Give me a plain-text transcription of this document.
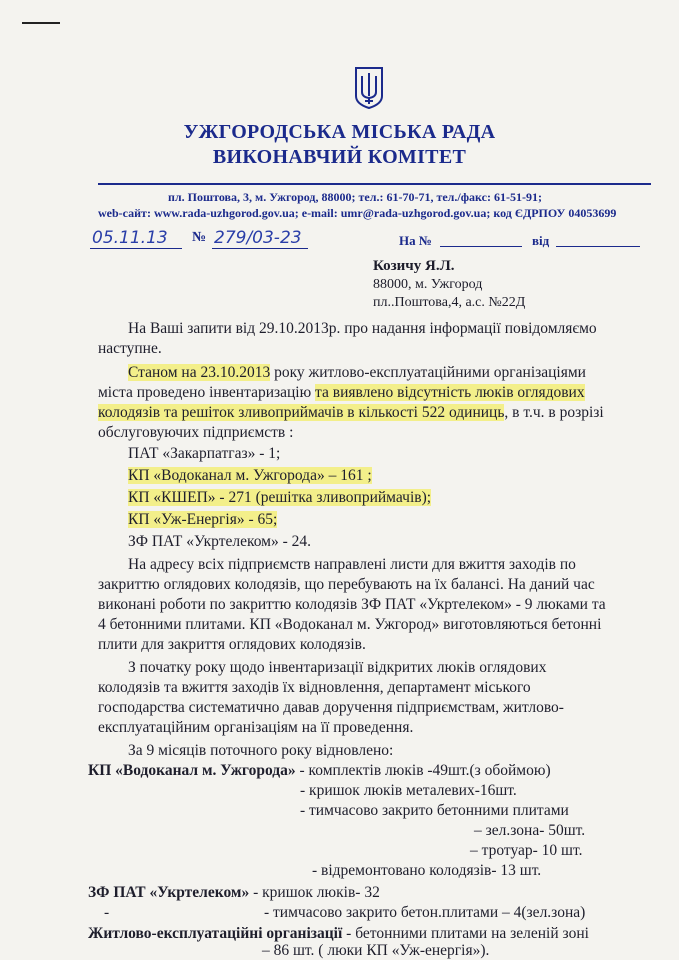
УЖГОРОДСЬКА МІСЬКА РАДА
ВИКОНАВЧИЙ КОМІТЕТ
пл. Поштова, 3, м. Ужгород, 88000; тел.: 61-70-71, тел./факс: 61-51-91;
web-сайт: www.rada-uzhgorod.gov.ua; e-mail: umr@rada-uzhgorod.gov.ua; код ЄДРПОУ 04053699
05.11.13 № 279/03-23	На №	від
Козичу Я.Л.
88000, м. Ужгород
пл..Поштова,4, а.с. №22Д
На Ваші запити від 29.10.2013р. про надання інформації повідомляємо
наступне.
Станом на 23.10.2013 року житлово-експлуатаційними організаціями
міста проведено інвентаризацію та виявлено відсутність люків оглядових
колодязів та решіток зливоприймачів в кількості 522 одиниць, в т.ч. в розрізі
обслуговуючих підприємств :
ПАТ «Закарпатгаз» - 1;
КП «Водоканал м. Ужгорода» – 161 ;
КП «КШЕП» - 271 (решітка зливоприймачів);
КП «Уж-Енергія» - 65;
ЗФ ПАТ «Укртелеком» - 24.
На адресу всіх підприємств направлені листи для вжиття заходів по
закриттю оглядових колодязів, що перебувають на їх балансі. На даний час
виконані роботи по закриттю колодязів ЗФ ПАТ «Укртелеком» - 9 люками та
4 бетонними плитами. КП «Водоканал м. Ужгород» виготовляються бетонні
плити для закриття оглядових колодязів.
З початку року щодо інвентаризації відкритих люків оглядових
колодязів та вжиття заходів їх відновлення, департамент міського
господарства систематично давав доручення підприємствам, житлово-
експлуатаційним організаціям на її проведення.
За 9 місяців поточного року відновлено:
КП «Водоканал м. Ужгорода» - комплектів люків -49шт.(з обоймою)
- кришок люків металевих-16шт.
- тимчасово закрито бетонними плитами
– зел.зона- 50шт.
– тротуар- 10 шт.
- відремонтовано колодязів- 13 шт.
ЗФ ПАТ «Укртелеком» - кришок люків- 32
-	- тимчасово закрито бетон.плитами – 4(зел.зона)
Житлово-експлуатаційні організації - бетонними плитами на зеленій зоні
– 86 шт. ( люки КП «Уж-енергія»).
